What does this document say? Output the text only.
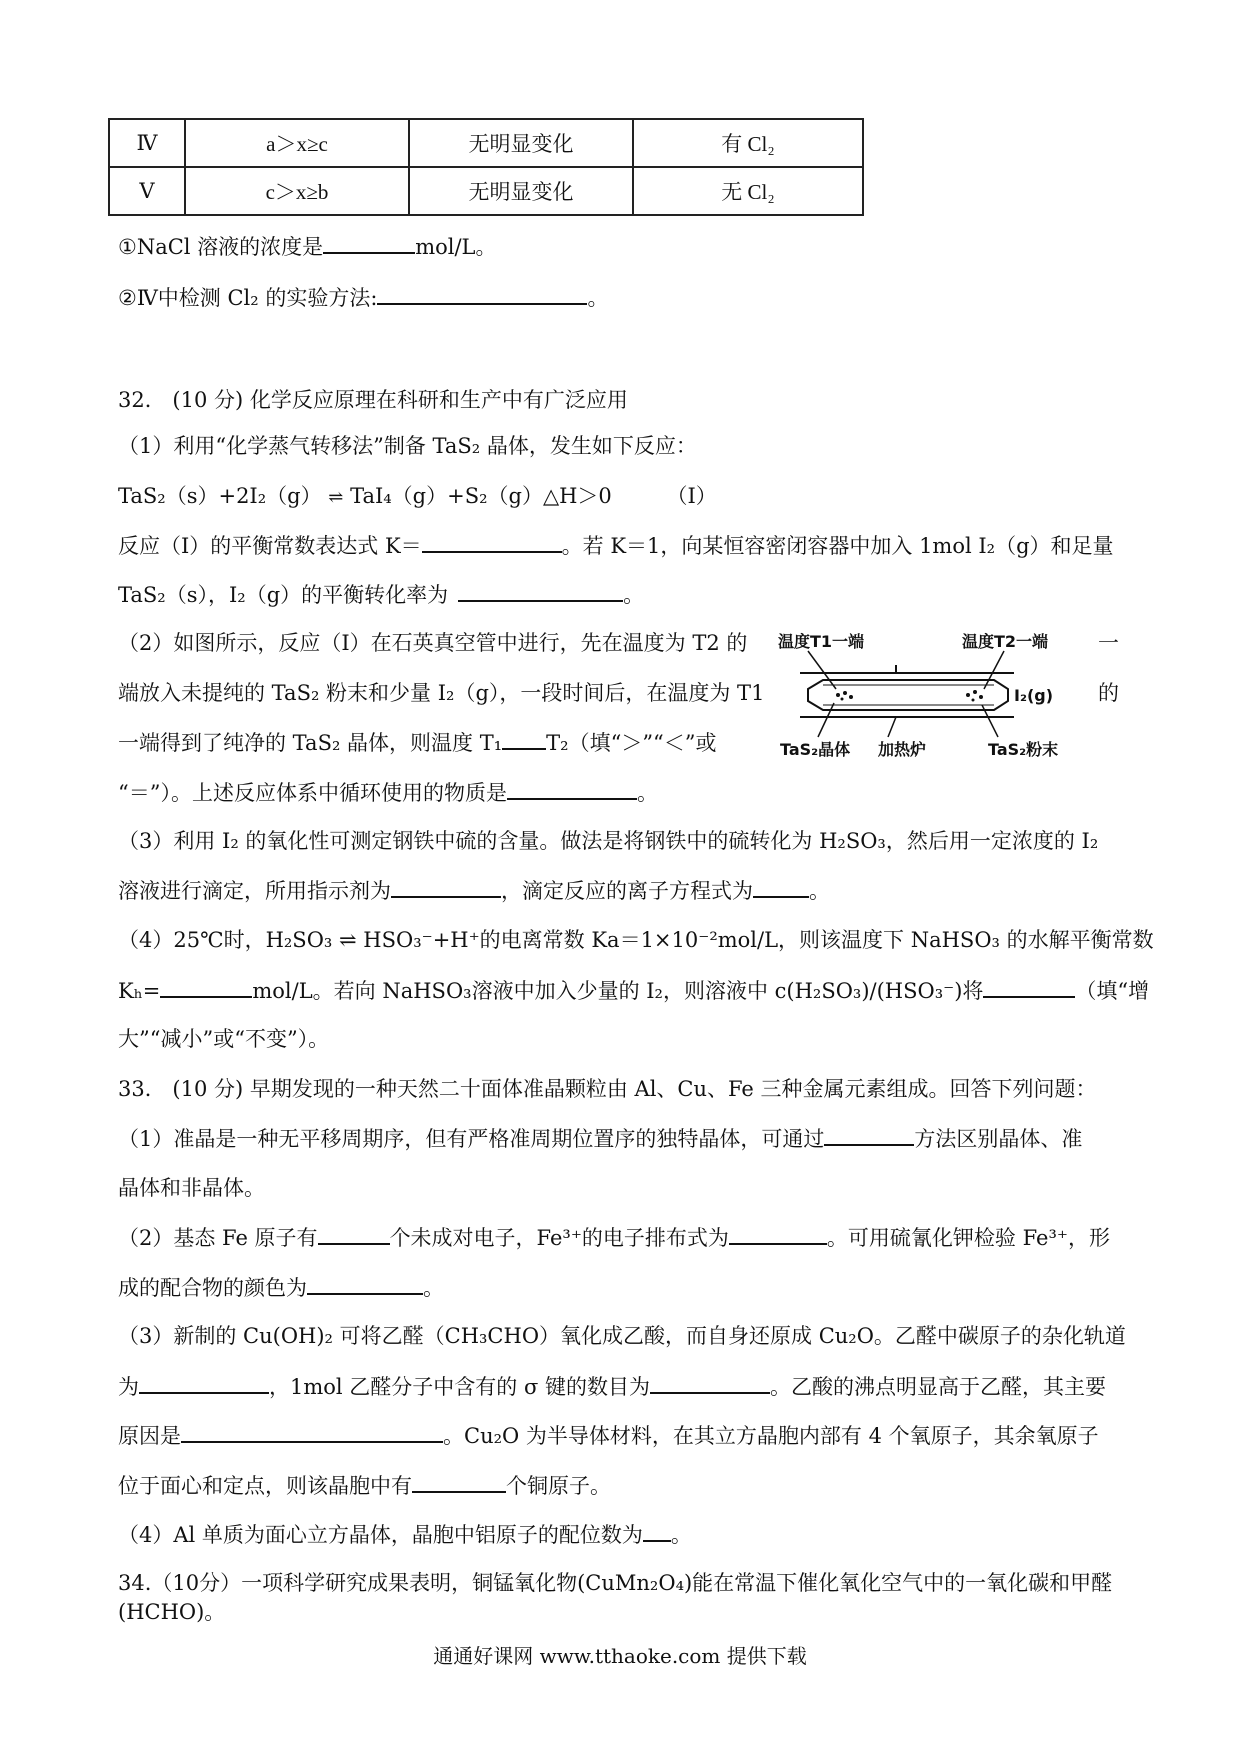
Ⅳ	a＞x≥c	无明显变化	有 Cl₂
Ⅴ	c＞x≥b	无明显变化	无 Cl₂
①NaCl 溶液的浓度是	mol/L。
②Ⅳ中检测 Cl₂ 的实验方法:	。
32． (10 分) 化学反应原理在科研和生产中有广泛应用
（1）利用“化学蒸气转移法”制备 TaS₂ 晶体，发生如下反应：
TaS₂（s）+2I₂（g） ⇌ TaI₄（g）+S₂（g）△H＞0	（I）
反应（I）的平衡常数表达式 K＝	。若 K＝1，向某恒容密闭容器中加入 1mol I₂（g）和足量
TaS₂（s），I₂（g）的平衡转化率为	。
（2）如图所示，反应（I）在石英真空管中进行，先在温度为 T2 的	一
端放入未提纯的 TaS₂ 粉末和少量 I₂（g），一段时间后，在温度为 T1	的
一端得到了纯净的 TaS₂ 晶体，则温度 T₁ T₂（填“＞”“＜”或
“＝”）。上述反应体系中循环使用的物质是	。
温度T1一端	温度T2一端
I₂(g)
TaS₂晶体 加热炉	TaS₂粉末
（3）利用 I₂ 的氧化性可测定钢铁中硫的含量。做法是将钢铁中的硫转化为 H₂SO₃，然后用一定浓度的 I₂
溶液进行滴定，所用指示剂为	，滴定反应的离子方程式为	。
（4）25℃时，H₂SO₃ ⇌ HSO₃⁻+H⁺的电离常数 Ka＝1×10⁻²mol/L，则该温度下 NaHSO₃ 的水解平衡常数
Kₕ=	mol/L。若向 NaHSO₃溶液中加入少量的 I₂，则溶液中 c(H₂SO₃)/(HSO₃⁻)将	（填“增
大”“减小”或“不变”）。
33． (10 分) 早期发现的一种天然二十面体准晶颗粒由 Al、Cu、Fe 三种金属元素组成。回答下列问题：
（1）准晶是一种无平移周期序，但有严格准周期位置序的独特晶体，可通过	方法区别晶体、准
晶体和非晶体。
（2）基态 Fe 原子有	个未成对电子，Fe³⁺的电子排布式为	。可用硫氰化钾检验 Fe³⁺，形
成的配合物的颜色为	。
（3）新制的 Cu(OH)₂ 可将乙醛（CH₃CHO）氧化成乙酸，而自身还原成 Cu₂O。乙醛中碳原子的杂化轨道
为	，1mol 乙醛分子中含有的 σ 键的数目为	。乙酸的沸点明显高于乙醛，其主要
原因是	。Cu₂O 为半导体材料，在其立方晶胞内部有 4 个氧原子，其余氧原子
位于面心和定点，则该晶胞中有	个铜原子。
（4）Al 单质为面心立方晶体，晶胞中铝原子的配位数为 。
34.（10分）一项科学研究成果表明，铜锰氧化物(CuMn₂O₄)能在常温下催化氧化空气中的一氧化碳和甲醛
(HCHO)。
通通好课网 www.tthaoke.com 提供下载
